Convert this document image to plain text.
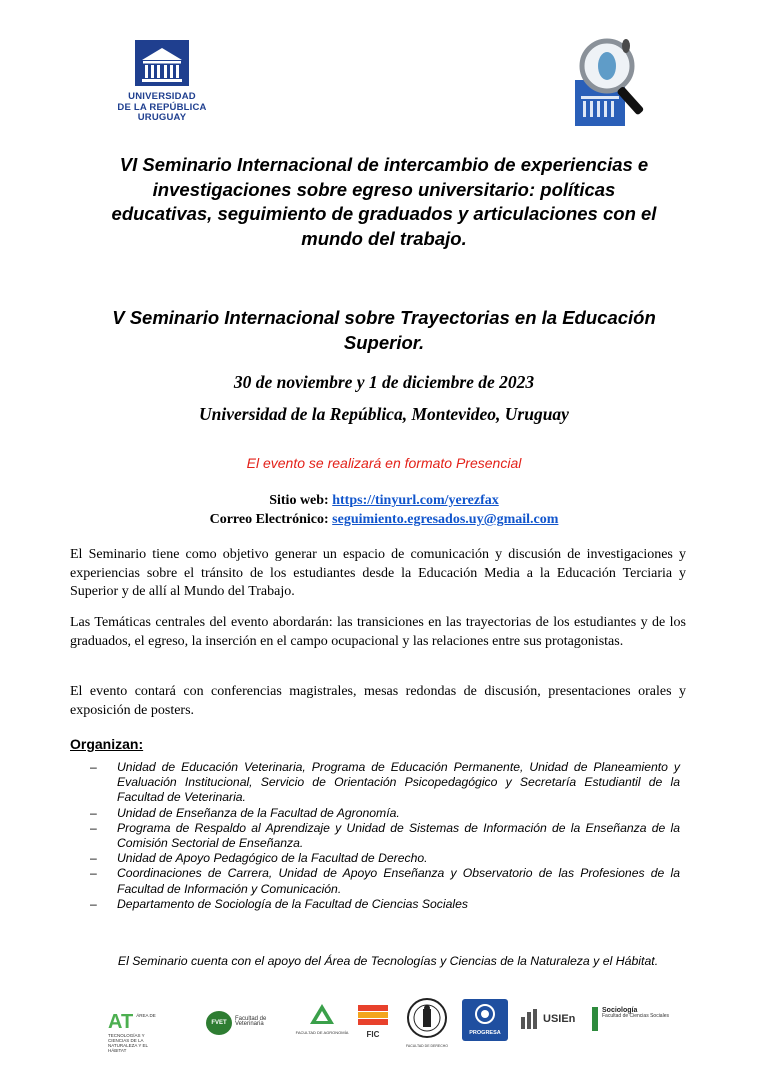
UNIVERSIDAD
DE LA REPÚBLICA
URUGUAY
VI Seminario Internacional de intercambio de experiencias e investigaciones sobre egreso universitario: políticas educativas, seguimiento de graduados y articulaciones con el mundo del trabajo.
V Seminario Internacional sobre Trayectorias en la Educación Superior.
30 de noviembre y 1 de diciembre de 2023
Universidad de la República, Montevideo, Uruguay
El evento se realizará en formato Presencial
Sitio web: https://tinyurl.com/yerezfax
Correo Electrónico: seguimiento.egresados.uy@gmail.com

El Seminario tiene como objetivo generar un espacio de comunicación y discusión de investigaciones y experiencias sobre el tránsito de los estudiantes desde la Educación Media a la Educación Terciaria y Superior y de allí al Mundo del Trabajo.

Las Temáticas centrales del evento abordarán: las transiciones en las trayectorias de los estudiantes y de los graduados, el egreso, la inserción en el campo ocupacional y las relaciones entre sus protagonistas.

El evento contará con conferencias magistrales, mesas redondas de discusión, presentaciones orales y exposición de posters.

Organizan:
– Unidad de Educación Veterinaria, Programa de Educación Permanente, Unidad de Planeamiento y Evaluación Institucional, Servicio de Orientación Psicopedagógico y Secretaría Estudiantil de la Facultad de Veterinaria.
– Unidad de Enseñanza de la Facultad de Agronomía.
– Programa de Respaldo al Aprendizaje y Unidad de Sistemas de Información de la Enseñanza de la Comisión Sectorial de Enseñanza.
– Unidad de Apoyo Pedagógico de la Facultad de Derecho.
– Coordinaciones de Carrera, Unidad de Apoyo Enseñanza y Observatorio de las Profesiones de la Facultad de Información y Comunicación.
– Departamento de Sociología de la Facultad de Ciencias Sociales
El Seminario cuenta con el apoyo del Área de Tecnologías y Ciencias de la Naturaleza y el Hábitat.
AT ÁREA DE TECNOLOGÍAS Y CIENCIAS DE LA NATURALEZA Y EL HÁBITAT
FVET
Facultad de Veterinaria
FACULTAD DE AGRONOMÍA	FIC
FACULTAD DE DERECHO
PROGRESA
USIEn
Sociología
Facultad de Ciencias Sociales
